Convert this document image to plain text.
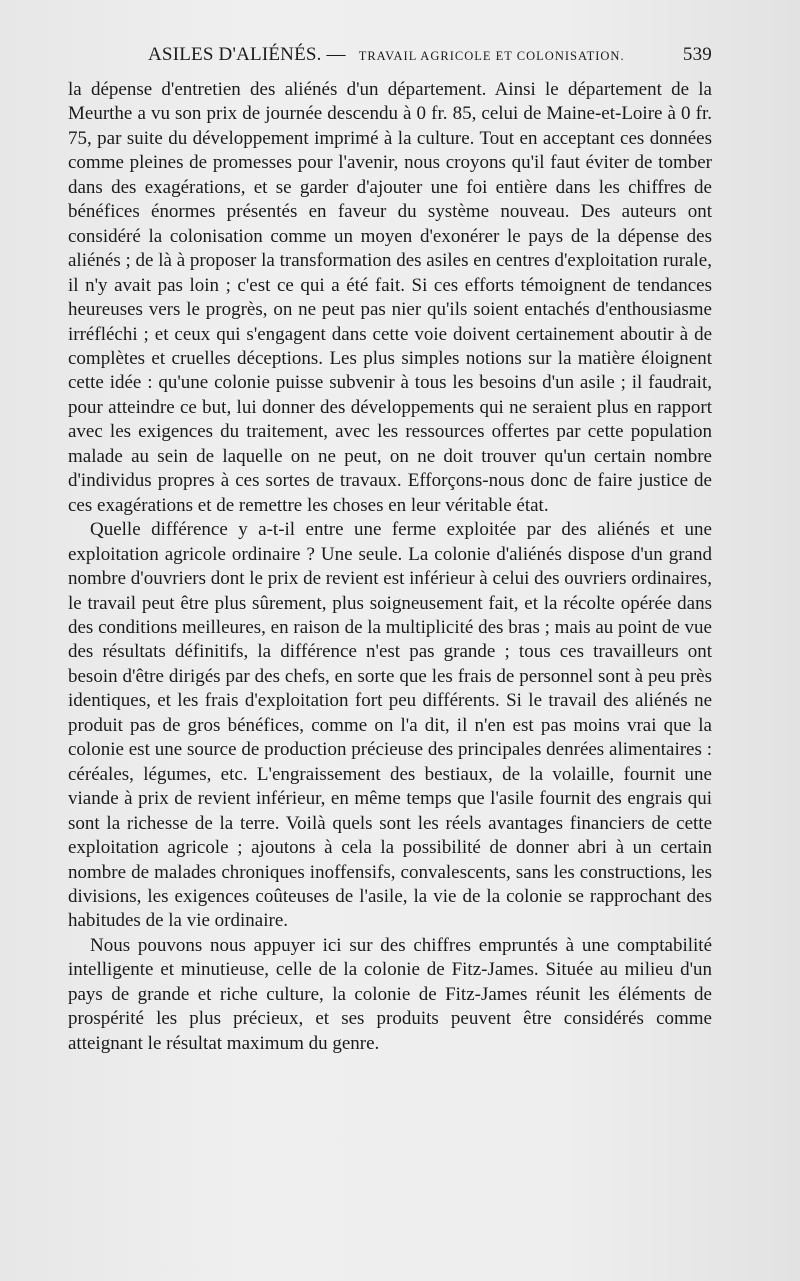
ASILES D'ALIÉNÉS. — TRAVAIL AGRICOLE ET COLONISATION.	539

la dépense d'entretien des aliénés d'un département. Ainsi le département de la Meurthe a vu son prix de journée descendu à 0 fr. 85, celui de Maine-et-Loire à 0 fr. 75, par suite du développement imprimé à la culture. Tout en acceptant ces données comme pleines de promesses pour l'avenir, nous croyons qu'il faut éviter de tomber dans des exagérations, et se garder d'ajouter une foi entière dans les chiffres de bénéfices énormes présentés en faveur du système nouveau. Des auteurs ont considéré la colonisation comme un moyen d'exonérer le pays de la dépense des aliénés ; de là à proposer la transformation des asiles en centres d'exploitation rurale, il n'y avait pas loin ; c'est ce qui a été fait. Si ces efforts témoignent de tendances heureuses vers le progrès, on ne peut pas nier qu'ils soient entachés d'enthousiasme irréfléchi ; et ceux qui s'engagent dans cette voie doivent certainement aboutir à de complètes et cruelles déceptions. Les plus simples notions sur la matière éloignent cette idée : qu'une colonie puisse subvenir à tous les besoins d'un asile ; il faudrait, pour atteindre ce but, lui donner des développements qui ne seraient plus en rapport avec les exigences du traitement, avec les ressources offertes par cette population malade au sein de laquelle on ne peut, on ne doit trouver qu'un certain nombre d'individus propres à ces sortes de travaux. Efforçons-nous donc de faire justice de ces exagérations et de remettre les choses en leur véritable état.

Quelle différence y a-t-il entre une ferme exploitée par des aliénés et une exploitation agricole ordinaire ? Une seule. La colonie d'aliénés dispose d'un grand nombre d'ouvriers dont le prix de revient est inférieur à celui des ouvriers ordinaires, le travail peut être plus sûrement, plus soigneusement fait, et la récolte opérée dans des conditions meilleures, en raison de la multiplicité des bras ; mais au point de vue des résultats définitifs, la différence n'est pas grande ; tous ces travailleurs ont besoin d'être dirigés par des chefs, en sorte que les frais de personnel sont à peu près identiques, et les frais d'exploitation fort peu différents. Si le travail des aliénés ne produit pas de gros bénéfices, comme on l'a dit, il n'en est pas moins vrai que la colonie est une source de production précieuse des principales denrées alimentaires : céréales, légumes, etc. L'engraissement des bestiaux, de la volaille, fournit une viande à prix de revient inférieur, en même temps que l'asile fournit des engrais qui sont la richesse de la terre. Voilà quels sont les réels avantages financiers de cette exploitation agricole ; ajoutons à cela la possibilité de donner abri à un certain nombre de malades chroniques inoffensifs, convalescents, sans les constructions, les divisions, les exigences coûteuses de l'asile, la vie de la colonie se rapprochant des habitudes de la vie ordinaire.

Nous pouvons nous appuyer ici sur des chiffres empruntés à une comptabilité intelligente et minutieuse, celle de la colonie de Fitz-James. Située au milieu d'un pays de grande et riche culture, la colonie de Fitz-James réunit les éléments de prospérité les plus précieux, et ses produits peuvent être considérés comme atteignant le résultat maximum du genre.
